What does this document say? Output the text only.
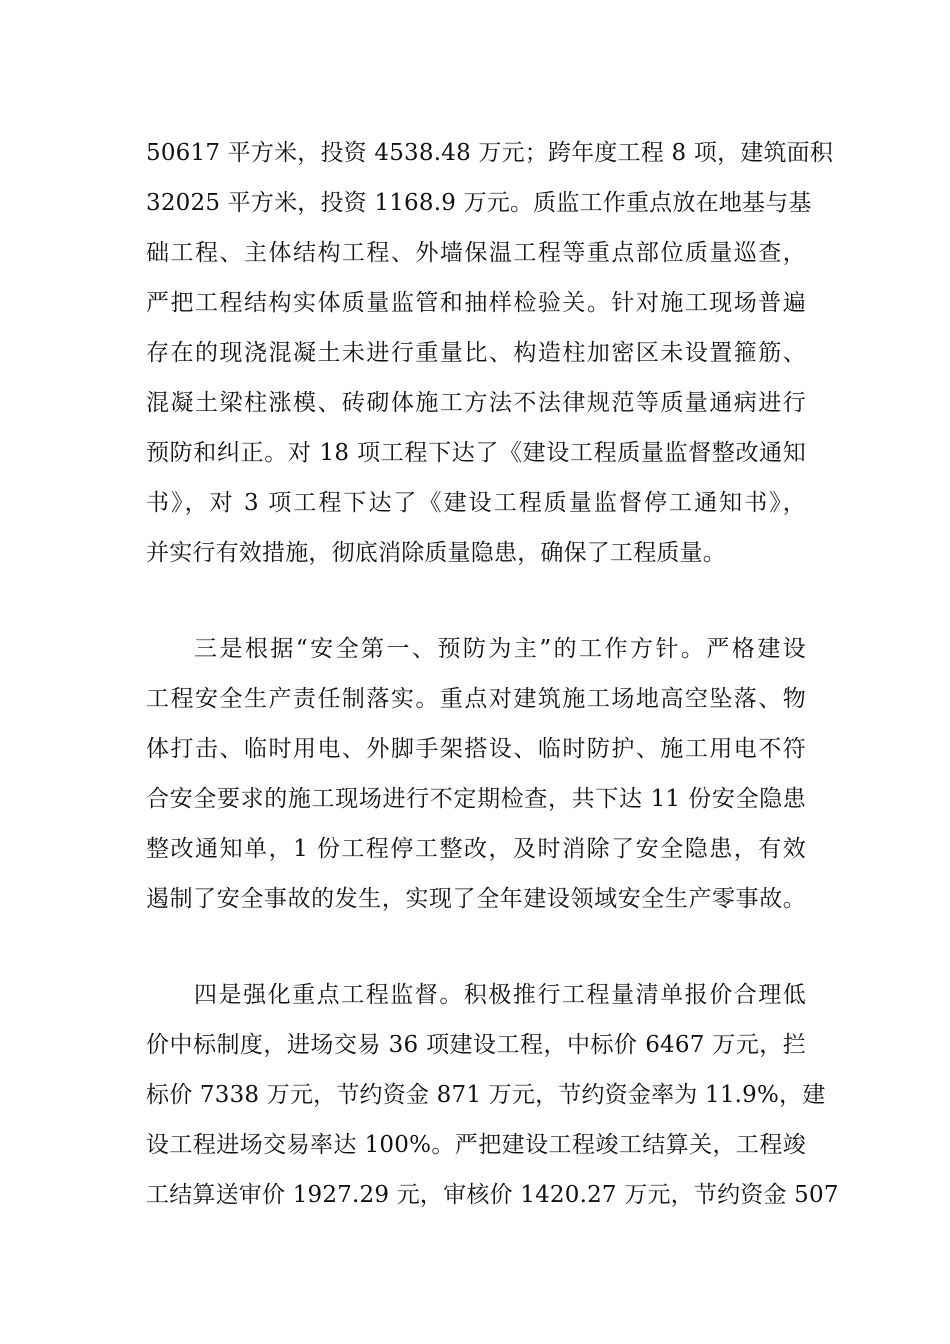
50617 平方米，投资 4538.48 万元；跨年度工程 8 项，建筑面积
32025 平方米，投资 1168.9 万元。质监工作重点放在地基与基
础工程、主体结构工程、外墙保温工程等重点部位质量巡查，
严把工程结构实体质量监管和抽样检验关。针对施工现场普遍
存在的现浇混凝土未进行重量比、构造柱加密区未设置箍筋、
混凝土梁柱涨模、砖砌体施工方法不法律规范等质量通病进行
预防和纠正。对 18 项工程下达了《建设工程质量监督整改通知
书》，对 3 项工程下达了《建设工程质量监督停工通知书》，
并实行有效措施，彻底消除质量隐患，确保了工程质量。
三是根据“安全第一、预防为主”的工作方针。严格建设
工程安全生产责任制落实。重点对建筑施工场地高空坠落、物
体打击、临时用电、外脚手架搭设、临时防护、施工用电不符
合安全要求的施工现场进行不定期检查，共下达 11 份安全隐患
整改通知单，1 份工程停工整改，及时消除了安全隐患，有效
遏制了安全事故的发生，实现了全年建设领域安全生产零事故。
四是强化重点工程监督。积极推行工程量清单报价合理低
价中标制度，进场交易 36 项建设工程，中标价 6467 万元，拦
标价 7338 万元，节约资金 871 万元，节约资金率为 11.9%，建
设工程进场交易率达 100%。严把建设工程竣工结算关，工程竣
工结算送审价 1927.29 元，审核价 1420.27 万元，节约资金 507
